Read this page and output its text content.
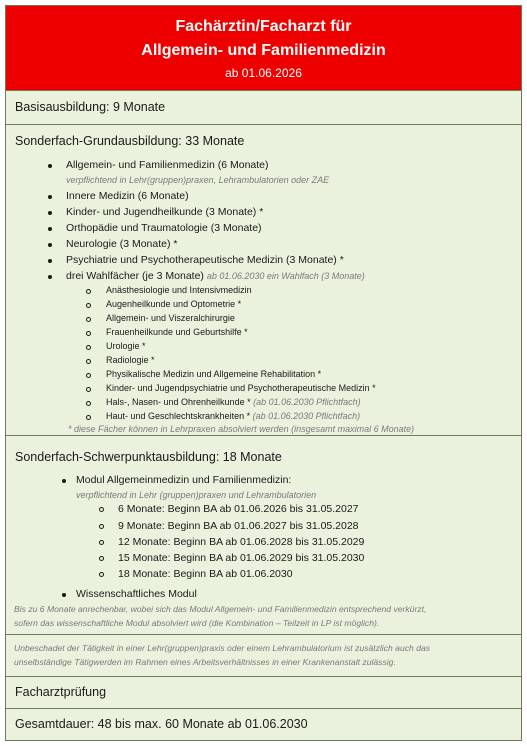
Fachärztin/Facharzt für
Allgemein- und Familienmedizin
ab 01.06.2026
Basisausbildung: 9 Monate
Sonderfach-Grundausbildung: 33 Monate
Allgemein- und Familienmedizin (6 Monate)
verpflichtend in Lehr(gruppen)praxen, Lehrambulatorien oder ZAE
Innere Medizin (6 Monate)
Kinder- und Jugendheilkunde (3 Monate) *
Orthopädie und Traumatologie (3 Monate)
Neurologie (3 Monate) *
Psychiatrie und Psychotherapeutische Medizin (3 Monate) *
drei Wahlfächer (je 3 Monate) ab 01.06.2030 ein Wahlfach (3 Monate)
Anästhesiologie und Intensivmedizin
Augenheilkunde und Optometrie *
Allgemein- und Viszeralchirurgie
Frauenheilkunde und Geburtshilfe *
Urologie *
Radiologie *
Physikalische Medizin und Allgemeine Rehabilitation *
Kinder- und Jugendpsychiatrie und Psychotherapeutische Medizin *
Hals-, Nasen- und Ohrenheilkunde * (ab 01.06.2030 Pflichtfach)
Haut- und Geschlechtskrankheiten * (ab 01.06.2030 Pflichtfach)
* diese Fächer können in Lehrpraxen absolviert werden (insgesamt maximal 6 Monate)
Sonderfach-Schwerpunktausbildung: 18 Monate
Modul Allgemeinmedizin und Familienmedizin:
verpflichtend in Lehr (gruppen)praxen und Lehrambulatorien
6 Monate: Beginn BA ab 01.06.2026 bis 31.05.2027
9 Monate: Beginn BA ab 01.06.2027 bis 31.05.2028
12 Monate: Beginn BA ab 01.06.2028 bis 31.05.2029
15 Monate: Beginn BA ab 01.06.2029 bis 31.05.2030
18 Monate: Beginn BA ab 01.06.2030
Wissenschaftliches Modul
Bis zu 6 Monate anrechenbar, wobei sich das Modul Allgemein- und Familienmedizin entsprechend verkürzt,
sofern das wissenschaftliche Modul absolviert wird (die Kombination – Teilzeit in LP ist möglich).
Unbeschadet der Tätigkeit in einer Lehr(gruppen)praxis oder einem Lehrambulatorium ist zusätzlich auch das
unselbständige Tätigwerden im Rahmen eines Arbeitsverhältnisses in einer Krankenanstalt zulässig.
Facharztprüfung
Gesamtdauer: 48 bis max. 60 Monate ab 01.06.2030
